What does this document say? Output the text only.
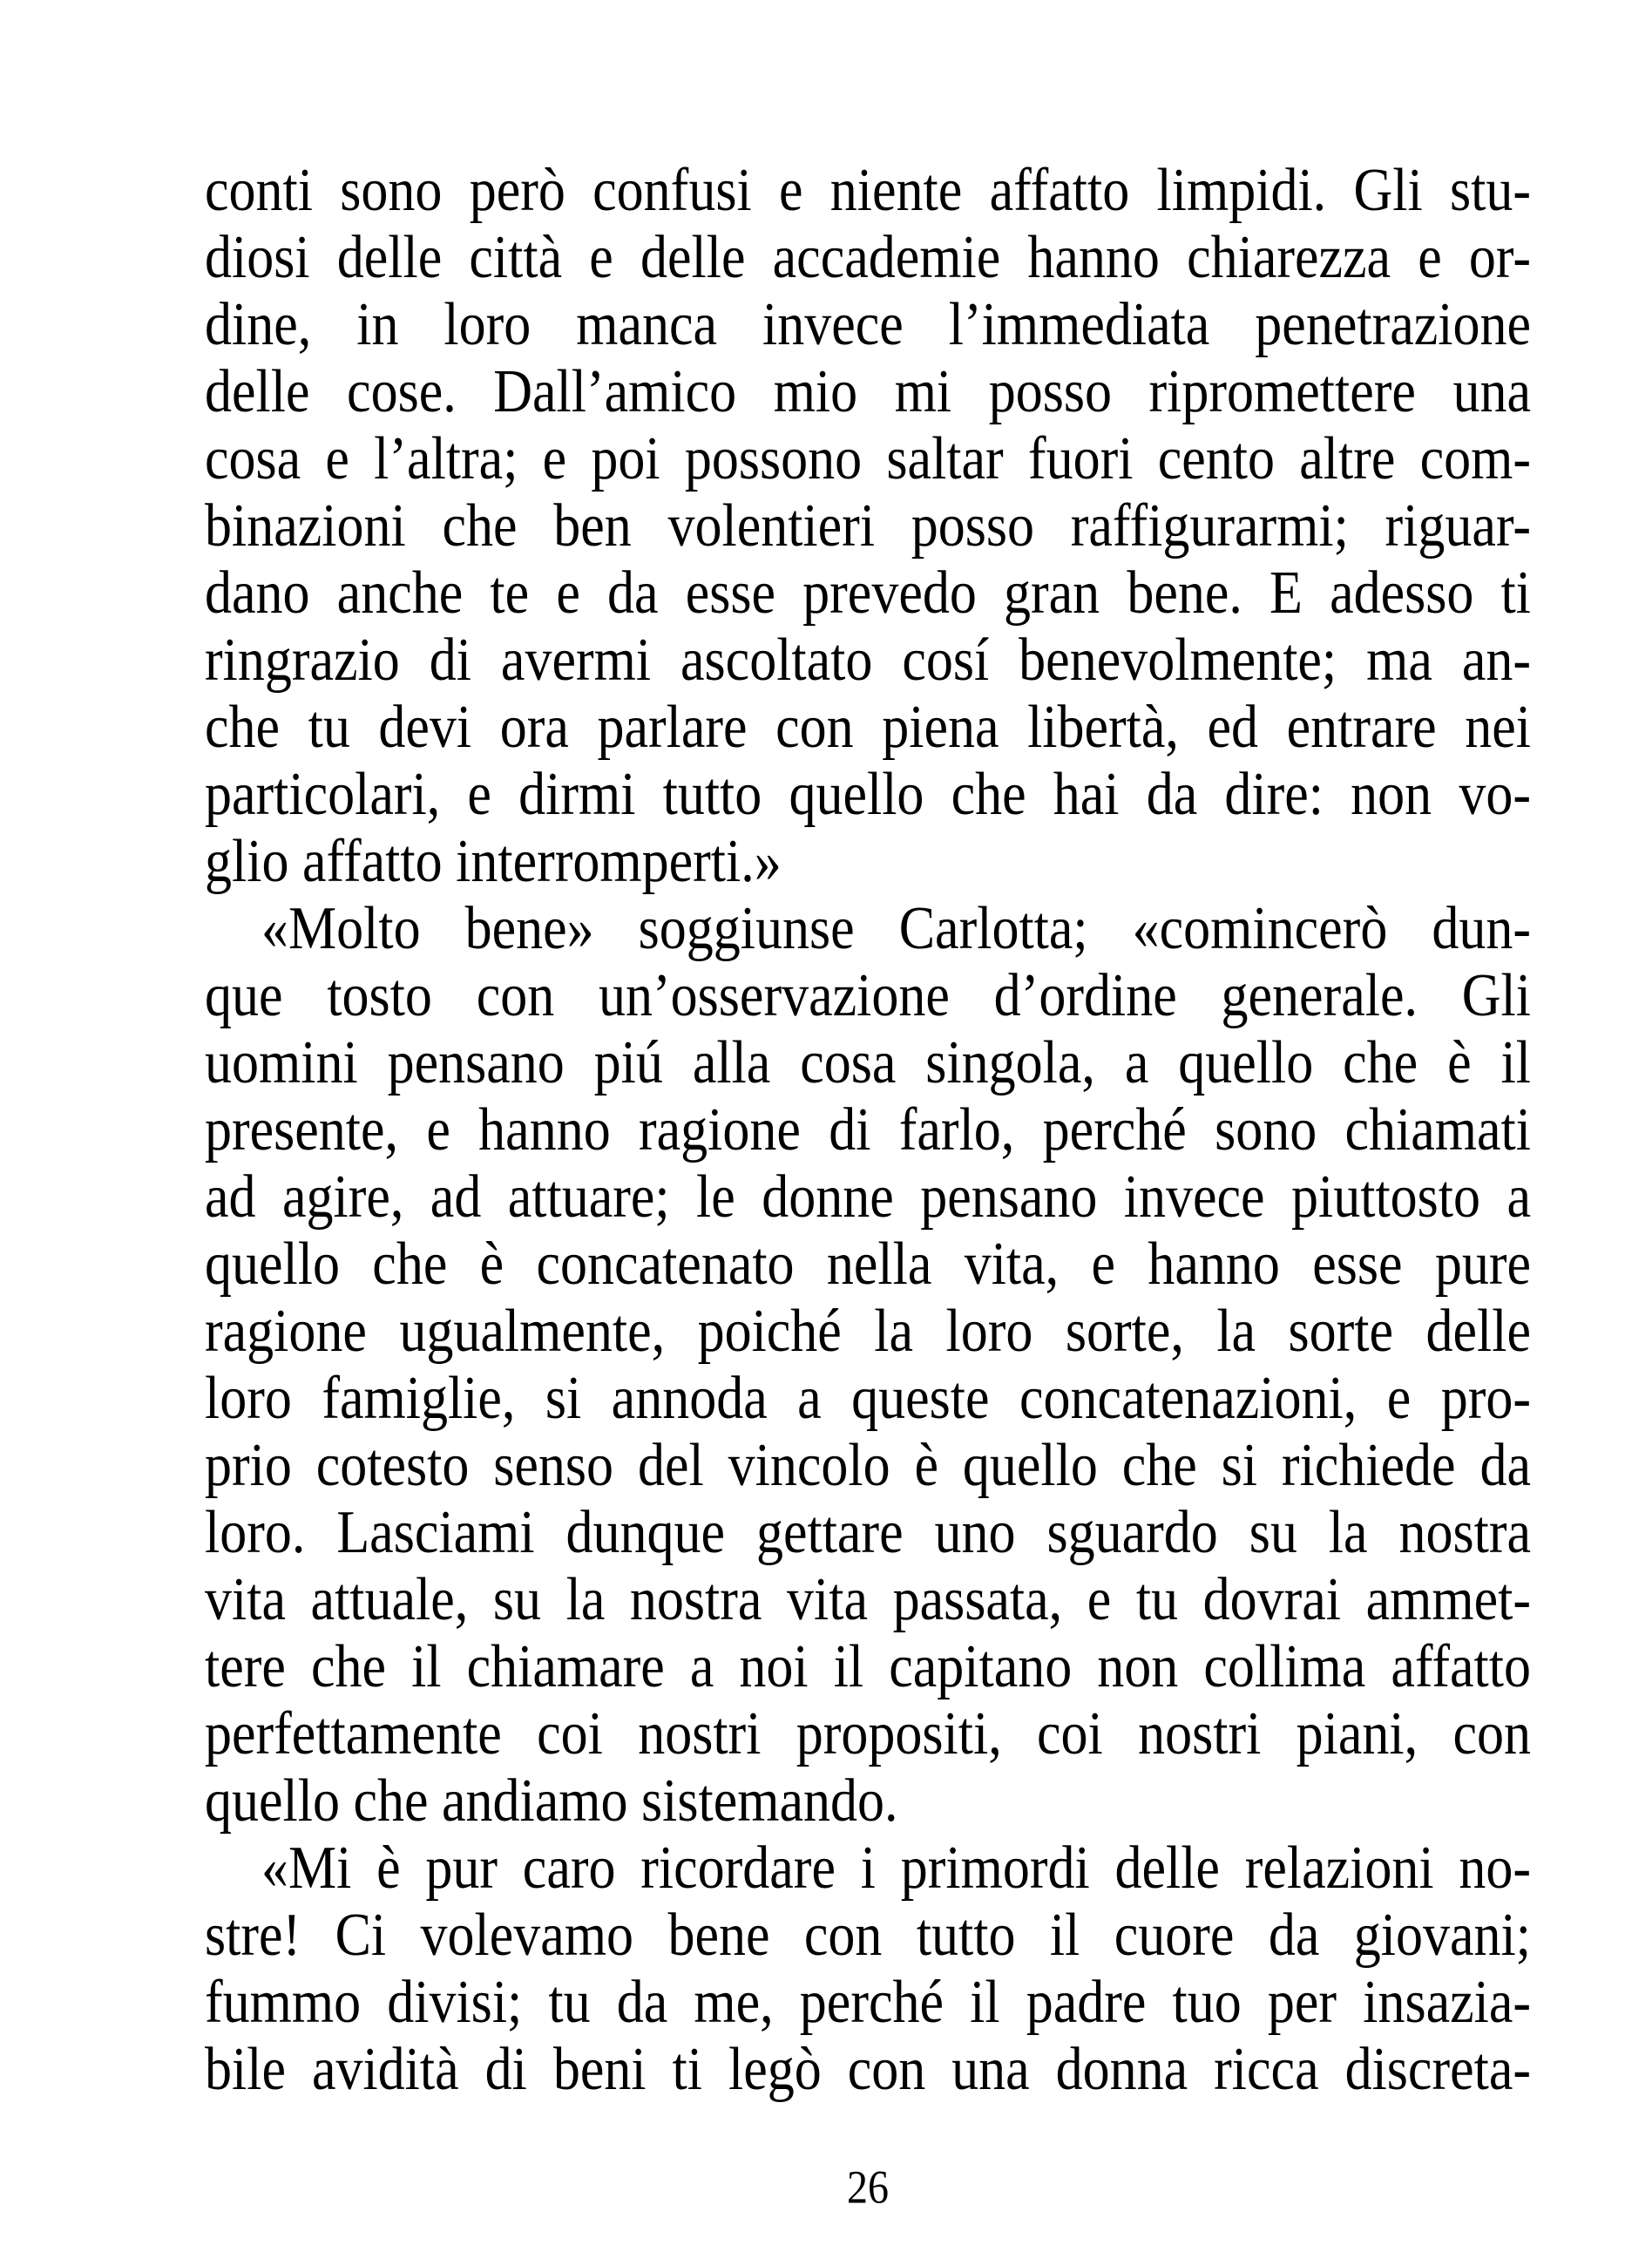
conti sono però confusi e niente affatto limpidi. Gli stu-
diosi delle città e delle accademie hanno chiarezza e or-
dine, in loro manca invece l’immediata penetrazione
delle cose. Dall’amico mio mi posso ripromettere una
cosa e l’altra; e poi possono saltar fuori cento altre com-
binazioni che ben volentieri posso raffigurarmi; riguar-
dano anche te e da esse prevedo gran bene. E adesso ti
ringrazio di avermi ascoltato cosí benevolmente; ma an-
che tu devi ora parlare con piena libertà, ed entrare nei
particolari, e dirmi tutto quello che hai da dire: non vo-
glio affatto interromperti.»
«Molto bene» soggiunse Carlotta; «comincerò dun-
que tosto con un’osservazione d’ordine generale. Gli
uomini pensano piú alla cosa singola, a quello che è il
presente, e hanno ragione di farlo, perché sono chiamati
ad agire, ad attuare; le donne pensano invece piuttosto a
quello che è concatenato nella vita, e hanno esse pure
ragione ugualmente, poiché la loro sorte, la sorte delle
loro famiglie, si annoda a queste concatenazioni, e pro-
prio cotesto senso del vincolo è quello che si richiede da
loro. Lasciami dunque gettare uno sguardo su la nostra
vita attuale, su la nostra vita passata, e tu dovrai ammet-
tere che il chiamare a noi il capitano non collima affatto
perfettamente coi nostri propositi, coi nostri piani, con
quello che andiamo sistemando.
«Mi è pur caro ricordare i primordi delle relazioni no-
stre! Ci volevamo bene con tutto il cuore da giovani;
fummo divisi; tu da me, perché il padre tuo per insazia-
bile avidità di beni ti legò con una donna ricca discreta-
26
